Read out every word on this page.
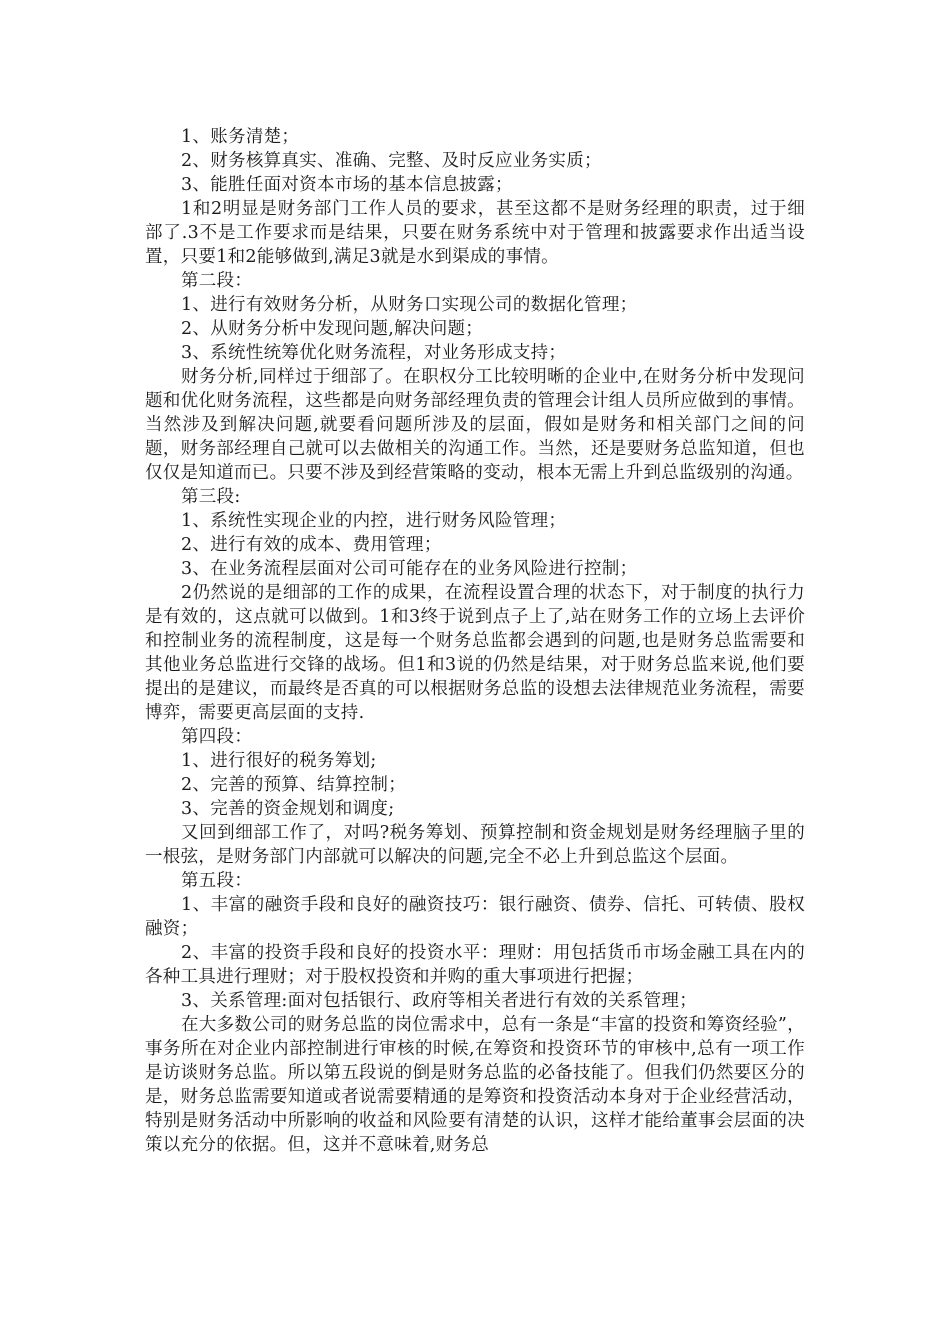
1、账务清楚；

2、财务核算真实、准确、完整、及时反应业务实质；

3、能胜任面对资本市场的基本信息披露；

1和2明显是财务部门工作人员的要求，甚至这都不是财务经理的职责，过于细部了.3不是工作要求而是结果，只要在财务系统中对于管理和披露要求作出适当设置，只要1和2能够做到,满足3就是水到渠成的事情。

第二段：

1、进行有效财务分析，从财务口实现公司的数据化管理；

2、从财务分析中发现问题,解决问题；

3、系统性统筹优化财务流程，对业务形成支持；

财务分析,同样过于细部了。在职权分工比较明晰的企业中,在财务分析中发现问题和优化财务流程，这些都是向财务部经理负责的管理会计组人员所应做到的事情。当然涉及到解决问题,就要看问题所涉及的层面，假如是财务和相关部门之间的问题，财务部经理自己就可以去做相关的沟通工作。当然，还是要财务总监知道，但也仅仅是知道而已。只要不涉及到经营策略的变动，根本无需上升到总监级别的沟通。

第三段:

1、系统性实现企业的内控，进行财务风险管理；

2、进行有效的成本、费用管理；

3、在业务流程层面对公司可能存在的业务风险进行控制；

2仍然说的是细部的工作的成果，在流程设置合理的状态下，对于制度的执行力是有效的，这点就可以做到。1和3终于说到点子上了,站在财务工作的立场上去评价和控制业务的流程制度，这是每一个财务总监都会遇到的问题,也是财务总监需要和其他业务总监进行交锋的战场。但1和3说的仍然是结果，对于财务总监来说,他们要提出的是建议，而最终是否真的可以根据财务总监的设想去法律规范业务流程，需要博弈，需要更高层面的支持.

第四段：

1、进行很好的税务筹划;

2、完善的预算、结算控制；

3、完善的资金规划和调度;

又回到细部工作了，对吗?税务筹划、预算控制和资金规划是财务经理脑子里的一根弦，是财务部门内部就可以解决的问题,完全不必上升到总监这个层面。

第五段：

1、丰富的融资手段和良好的融资技巧：银行融资、债券、信托、可转债、股权融资；

2、丰富的投资手段和良好的投资水平：理财：用包括货币市场金融工具在内的各种工具进行理财；对于股权投资和并购的重大事项进行把握；

3、关系管理:面对包括银行、政府等相关者进行有效的关系管理；

在大多数公司的财务总监的岗位需求中，总有一条是“丰富的投资和筹资经验”，事务所在对企业内部控制进行审核的时候,在筹资和投资环节的审核中,总有一项工作是访谈财务总监。所以第五段说的倒是财务总监的必备技能了。但我们仍然要区分的是，财务总监需要知道或者说需要精通的是筹资和投资活动本身对于企业经营活动，特别是财务活动中所影响的收益和风险要有清楚的认识，这样才能给董事会层面的决策以充分的依据。但，这并不意味着,财务总
